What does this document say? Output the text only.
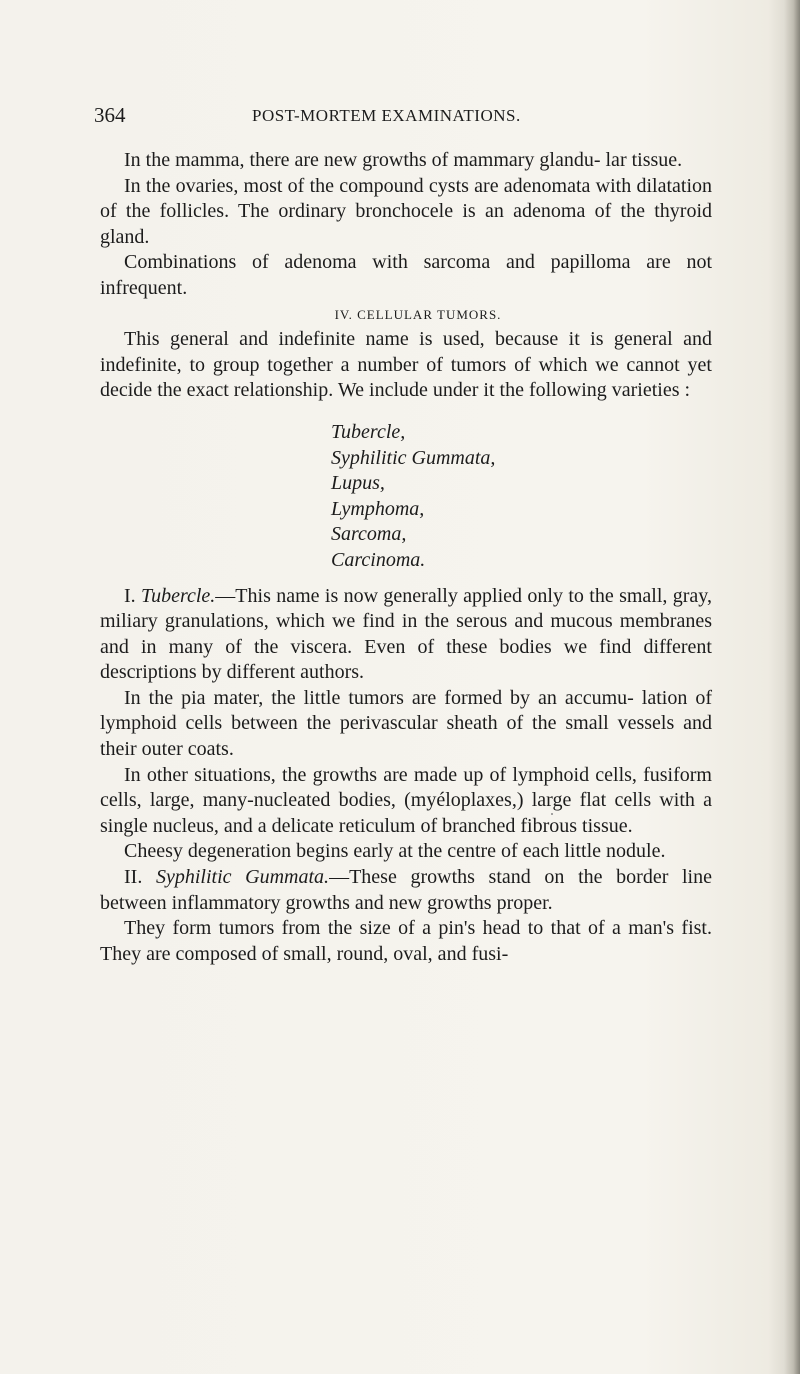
364	POST-MORTEM EXAMINATIONS.

In the mamma, there are new growths of mammary glandu- lar tissue.

In the ovaries, most of the compound cysts are adenomata with dilatation of the follicles. The ordinary bronchocele is an adenoma of the thyroid gland.

Combinations of adenoma with sarcoma and papilloma are not infrequent.

IV. CELLULAR TUMORS.

This general and indefinite name is used, because it is general and indefinite, to group together a number of tumors of which we cannot yet decide the exact relationship. We include under it the following varieties :

Tubercle,
Syphilitic Gummata,
Lupus,
Lymphoma,
Sarcoma,
Carcinoma.

I. Tubercle.—This name is now generally applied only to the small, gray, miliary granulations, which we find in the serous and mucous membranes and in many of the viscera. Even of these bodies we find different descriptions by different authors.

In the pia mater, the little tumors are formed by an accumu- lation of lymphoid cells between the perivascular sheath of the small vessels and their outer coats.

In other situations, the growths are made up of lymphoid cells, fusiform cells, large, many-nucleated bodies, (myéloplaxes,) large flat cells with a single nucleus, and a delicate reticulum of branched fibrous tissue.

Cheesy degeneration begins early at the centre of each little nodule.

II. Syphilitic Gummata.—These growths stand on the border line between inflammatory growths and new growths proper.

They form tumors from the size of a pin's head to that of a man's fist. They are composed of small, round, oval, and fusi-
